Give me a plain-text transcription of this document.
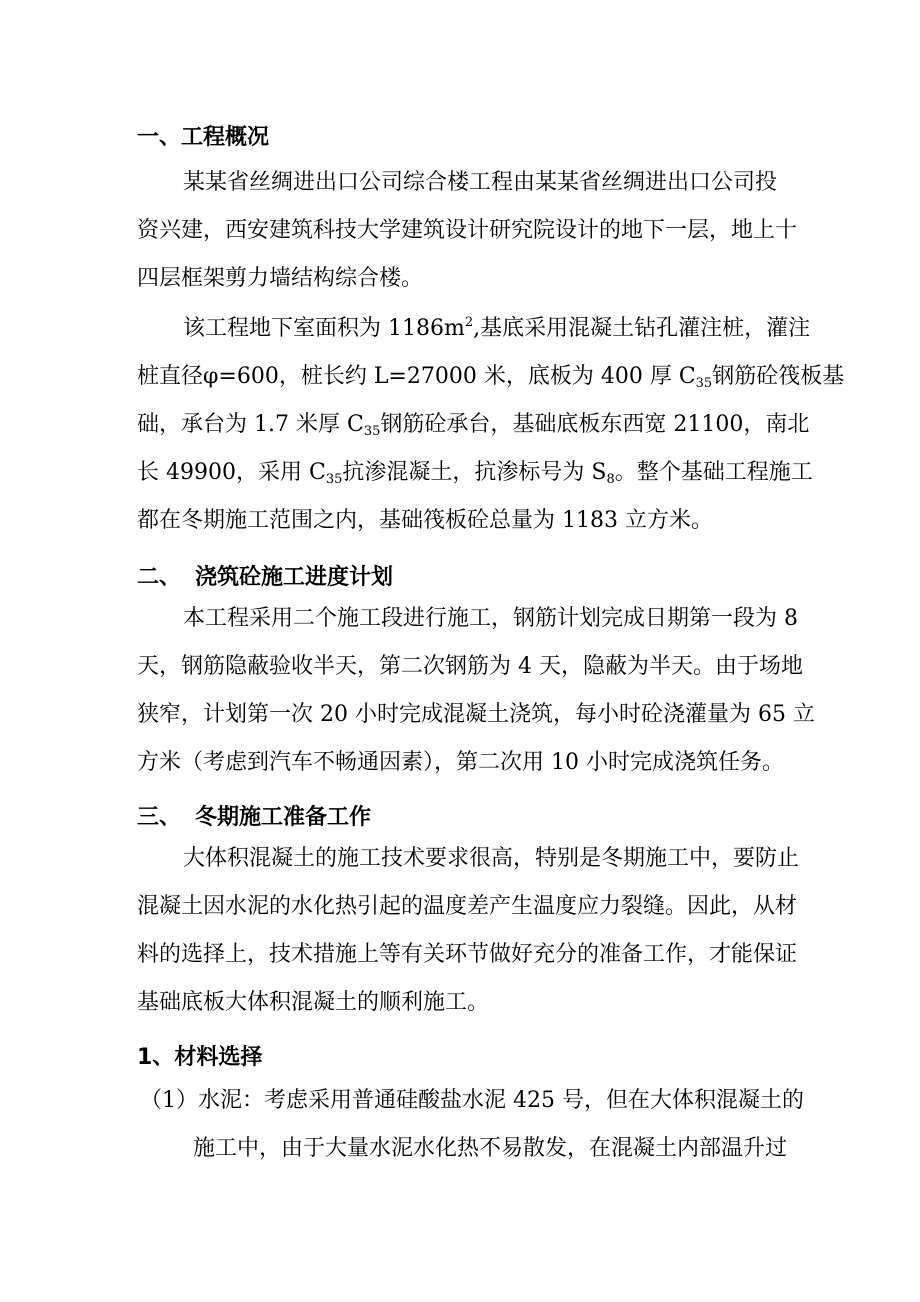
一、工程概况
某某省丝绸进出口公司综合楼工程由某某省丝绸进出口公司投
资兴建，西安建筑科技大学建筑设计研究院设计的地下一层，地上十
四层框架剪力墙结构综合楼。
该工程地下室面积为 $1186m^2$,基底采用混凝土钻孔灌注桩，灌注
桩直径φ=600，桩长约 L=27000 米，底板为 400 厚 $C_{35}$钢筋砼筏板基
础，承台为 1.7 米厚 $C_{35}$钢筋砼承台，基础底板东西宽 21100，南北
长 49900，采用 $C_{35}$抗渗混凝土，抗渗标号为 $S_8$。整个基础工程施工
都在冬期施工范围之内，基础筏板砼总量为 1183 立方米。
二、 浇筑砼施工进度计划
本工程采用二个施工段进行施工，钢筋计划完成日期第一段为 8
天，钢筋隐蔽验收半天，第二次钢筋为 4 天，隐蔽为半天。由于场地
狭窄，计划第一次 20 小时完成混凝土浇筑，每小时砼浇灌量为 65 立
方米（考虑到汽车不畅通因素），第二次用 10 小时完成浇筑任务。
三、 冬期施工准备工作
大体积混凝土的施工技术要求很高，特别是冬期施工中，要防止
混凝土因水泥的水化热引起的温度差产生温度应力裂缝。因此，从材
料的选择上，技术措施上等有关环节做好充分的准备工作，才能保证
基础底板大体积混凝土的顺利施工。
1、材料选择
（1）水泥：考虑采用普通硅酸盐水泥 425 号，但在大体积混凝土的
施工中，由于大量水泥水化热不易散发，在混凝土内部温升过
